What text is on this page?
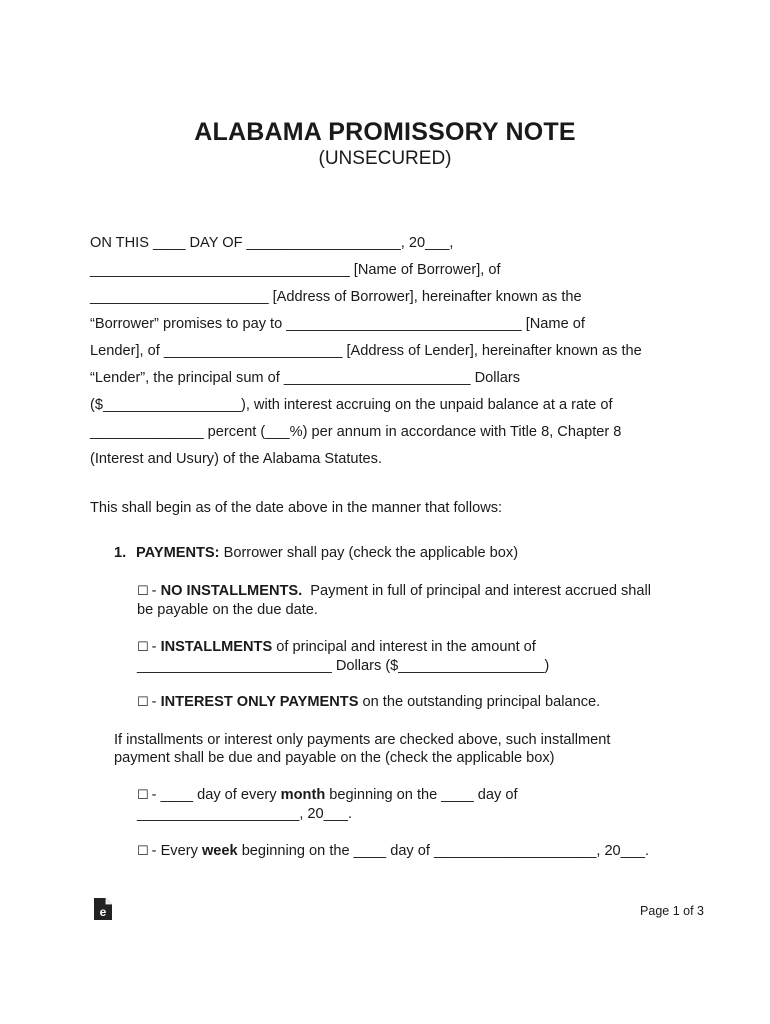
ALABAMA PROMISSORY NOTE
(UNSECURED)
ON THIS ____ DAY OF ___________________, 20___,
________________________________ [Name of Borrower], of
______________________ [Address of Borrower], hereinafter known as the
“Borrower” promises to pay to _____________________________ [Name of
Lender], of ______________________ [Address of Lender], hereinafter known as the
“Lender”, the principal sum of _______________________ Dollars
($_________________), with interest accruing on the unpaid balance at a rate of
______________ percent (___%) per annum in accordance with Title 8, Chapter 8
(Interest and Usury) of the Alabama Statutes.
This shall begin as of the date above in the manner that follows:
1. PAYMENTS: Borrower shall pay (check the applicable box)
☐ - NO INSTALLMENTS.  Payment in full of principal and interest accrued shall
be payable on the due date.
☐ - INSTALLMENTS of principal and interest in the amount of
________________________ Dollars ($__________________)
☐ - INTEREST ONLY PAYMENTS on the outstanding principal balance.
If installments or interest only payments are checked above, such installment
payment shall be due and payable on the (check the applicable box)
☐ - ____ day of every month beginning on the ____ day of
____________________, 20___.
☐ - Every week beginning on the ____ day of ____________________, 20___.
e	Page 1 of 3
